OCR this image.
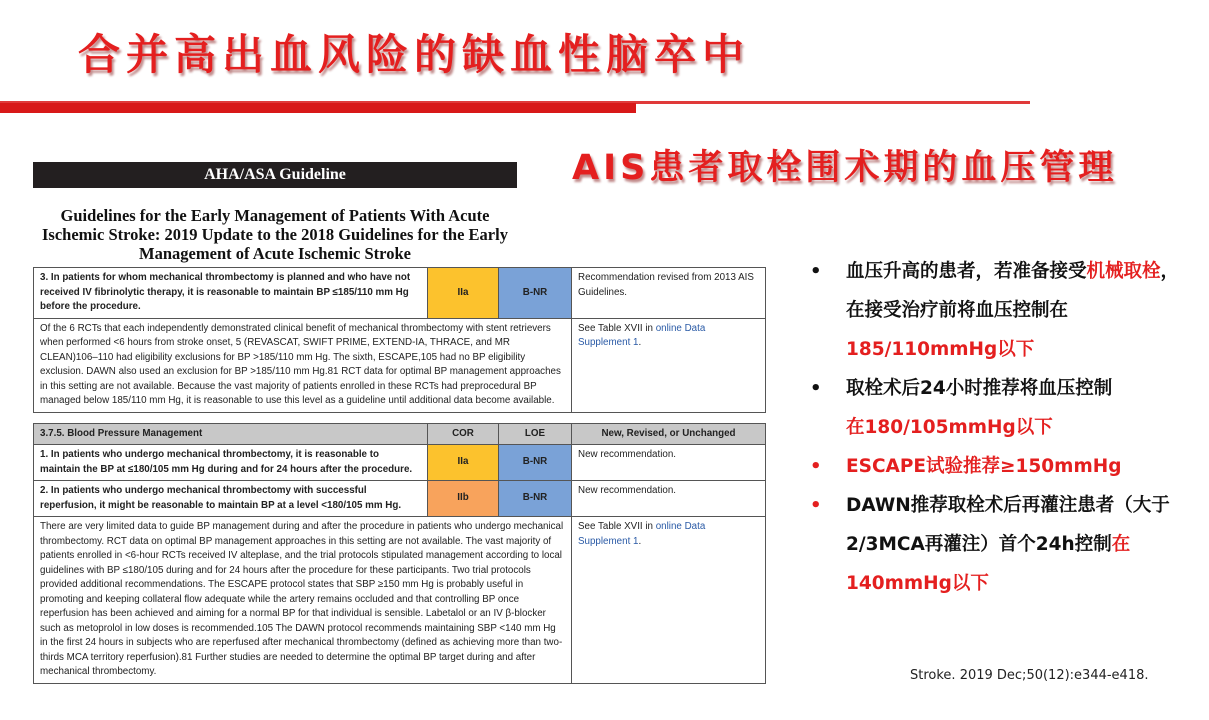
合并高出血风险的缺血性脑卒中
AIS患者取栓围术期的血压管理
AHA/ASA Guideline
Guidelines for the Early Management of Patients With Acute Ischemic Stroke: 2019 Update to the 2018 Guidelines for the Early Management of Acute Ischemic Stroke
3. In patients for whom mechanical thrombectomy is planned and who have not received IV fibrinolytic therapy, it is reasonable to maintain BP ≤185/110 mm Hg before the procedure.	IIa	B-NR	Recommendation revised from 2013 AIS Guidelines.
Of the 6 RCTs that each independently demonstrated clinical benefit of mechanical thrombectomy with stent retrievers when performed <6 hours from stroke onset, 5 (REVASCAT, SWIFT PRIME, EXTEND-IA, THRACE, and MR CLEAN)106–110 had eligibility exclusions for BP >185/110 mm Hg. The sixth, ESCAPE,105 had no BP eligibility exclusion. DAWN also used an exclusion for BP >185/110 mm Hg.81 RCT data for optimal BP management approaches in this setting are not available. Because the vast majority of patients enrolled in these RCTs had preprocedural BP managed below 185/110 mm Hg, it is reasonable to use this level as a guideline until additional data become available.			See Table XVII in online Data Supplement 1.
3.7.5. Blood Pressure Management	COR	LOE	New, Revised, or Unchanged
1. In patients who undergo mechanical thrombectomy, it is reasonable to maintain the BP at ≤180/105 mm Hg during and for 24 hours after the procedure.	IIa	B-NR	New recommendation.
2. In patients who undergo mechanical thrombectomy with successful reperfusion, it might be reasonable to maintain BP at a level <180/105 mm Hg.	IIb	B-NR	New recommendation.
There are very limited data to guide BP management during and after the procedure in patients who undergo mechanical thrombectomy. RCT data on optimal BP management approaches in this setting are not available. The vast majority of patients enrolled in <6-hour RCTs received IV alteplase, and the trial protocols stipulated management according to local guidelines with BP ≤180/105 during and for 24 hours after the procedure for these participants. Two trial protocols provided additional recommendations. The ESCAPE protocol states that SBP ≥150 mm Hg is probably useful in promoting and keeping collateral flow adequate while the artery remains occluded and that controlling BP once reperfusion has been achieved and aiming for a normal BP for that individual is sensible. Labetalol or an IV β-blocker such as metoprolol in low doses is recommended.105 The DAWN protocol recommends maintaining SBP <140 mm Hg in the first 24 hours in subjects who are reperfused after mechanical thrombectomy (defined as achieving more than two-thirds MCA territory reperfusion).81 Further studies are needed to determine the optimal BP target during and after mechanical thrombectomy.			See Table XVII in online Data Supplement 1.
• 血压升高的患者，若准备接受机械取栓，在接受治疗前将血压控制在
185/110mmHg以下
• 取栓术后24小时推荐将血压控制
在180/105mmHg以下
• ESCAPE试验推荐≥150mmHg
• DAWN推荐取栓术后再灌注患者（大于2/3MCA再灌注）首个24h控制在140mmHg以下
Stroke. 2019 Dec;50(12):e344-e418.
